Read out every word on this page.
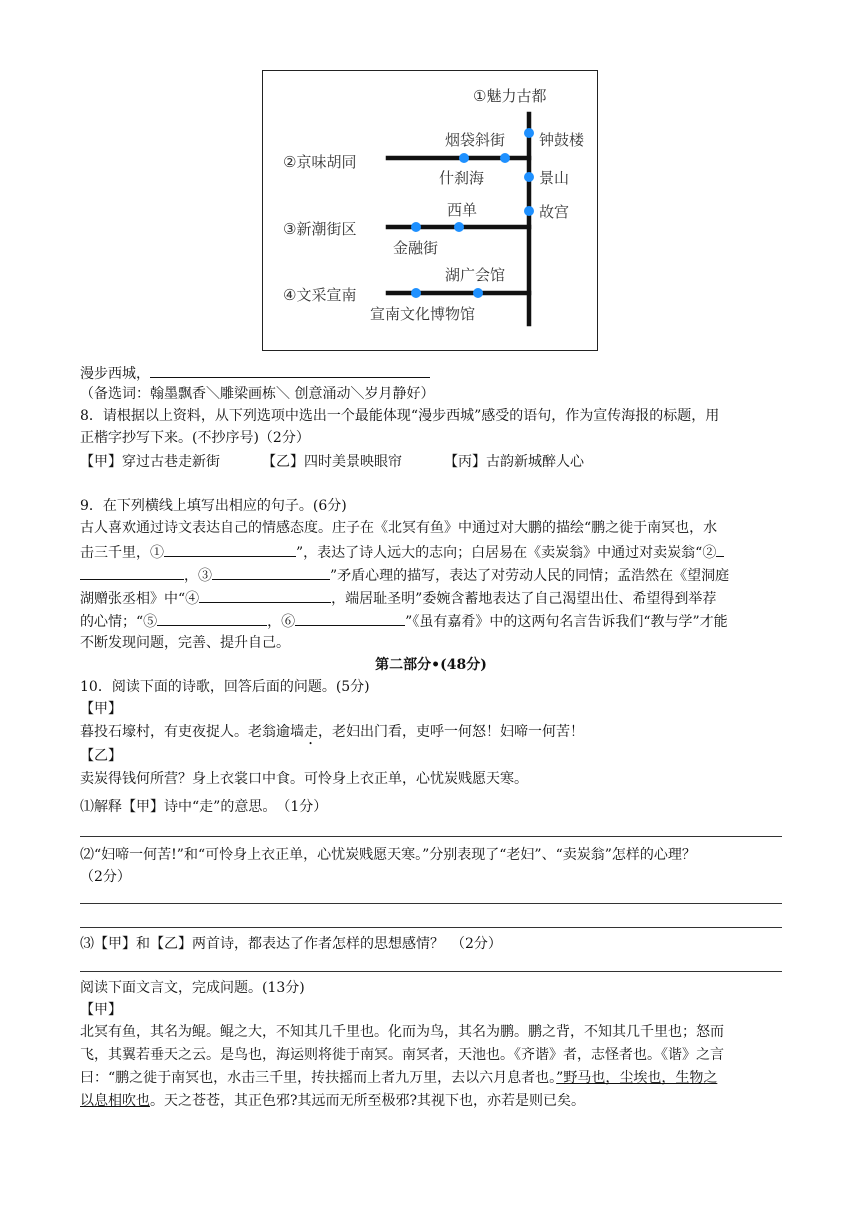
①魅力古都
烟袋斜街 钟鼓楼
②京味胡同
什刹海	景山
西单	故宫
③新潮街区
金融街
湖广会馆
④文采宣南
宣南文化博物馆
漫步西城，
（备选词：翰墨飘香＼雕梁画栋＼ 创意涌动＼岁月静好）
8．请根据以上资料，从下列选项中选出一个最能体现“漫步西城”感受的语句，作为宣传海报的标题，用
正楷字抄写下来。(不抄序号)（2分）
【甲】穿过古巷走新街	【乙】四时美景映眼帘	【丙】古韵新城醉人心
9．在下列横线上填写出相应的句子。(6分)
古人喜欢通过诗文表达自己的情感态度。庄子在《北冥有鱼》中通过对大鹏的描绘“鹏之徙于南冥也，水
击三千里，①	”，表达了诗人远大的志向；白居易在《卖炭翁》中通过对卖炭翁“②
，③	”矛盾心理的描写，表达了对劳动人民的同情；孟浩然在《望洞庭
湖赠张丞相》中“④	，端居耻圣明”委婉含蓄地表达了自己渴望出仕、希望得到举荐
的心情；“⑤	，⑥	”《虽有嘉肴》中的这两句名言告诉我们“教与学”才能
不断发现问题，完善、提升自己。
第二部分•(48分)
10．阅读下面的诗歌，回答后面的问题。(5分)
【甲】
暮投石壕村，有吏夜捉人。老翁逾墙走，老妇出门看，吏呼一何怒！妇啼一何苦！
【乙】
卖炭得钱何所营？身上衣裳口中食。可怜身上衣正单，心忧炭贱愿天寒。
⑴解释【甲】诗中“走”的意思。　（1分）
⑵“妇啼一何苦!”和“可怜身上衣正单，心忧炭贱愿天寒。”分别表现了“老妇”、“卖炭翁”怎样的心理？
（2分）
⑶【甲】和【乙】两首诗，都表达了作者怎样的思想感情？　（2分）
阅读下面文言文，完成问题。(13分)
【甲】
北冥有鱼，其名为鲲。鲲之大，不知其几千里也。化而为鸟，其名为鹏。鹏之背，不知其几千里也；怒而
飞，其翼若垂天之云。是鸟也，海运则将徙于南冥。南冥者，天池也。《齐谐》者，志怪者也。《谐》之言
曰：“鹏之徙于南冥也，水击三千里，抟扶摇而上者九万里，去以六月息者也。”野马也，尘埃也，生物之
以息相吹也。天之苍苍，其正色邪?其远而无所至极邪?其视下也，亦若是则已矣。
